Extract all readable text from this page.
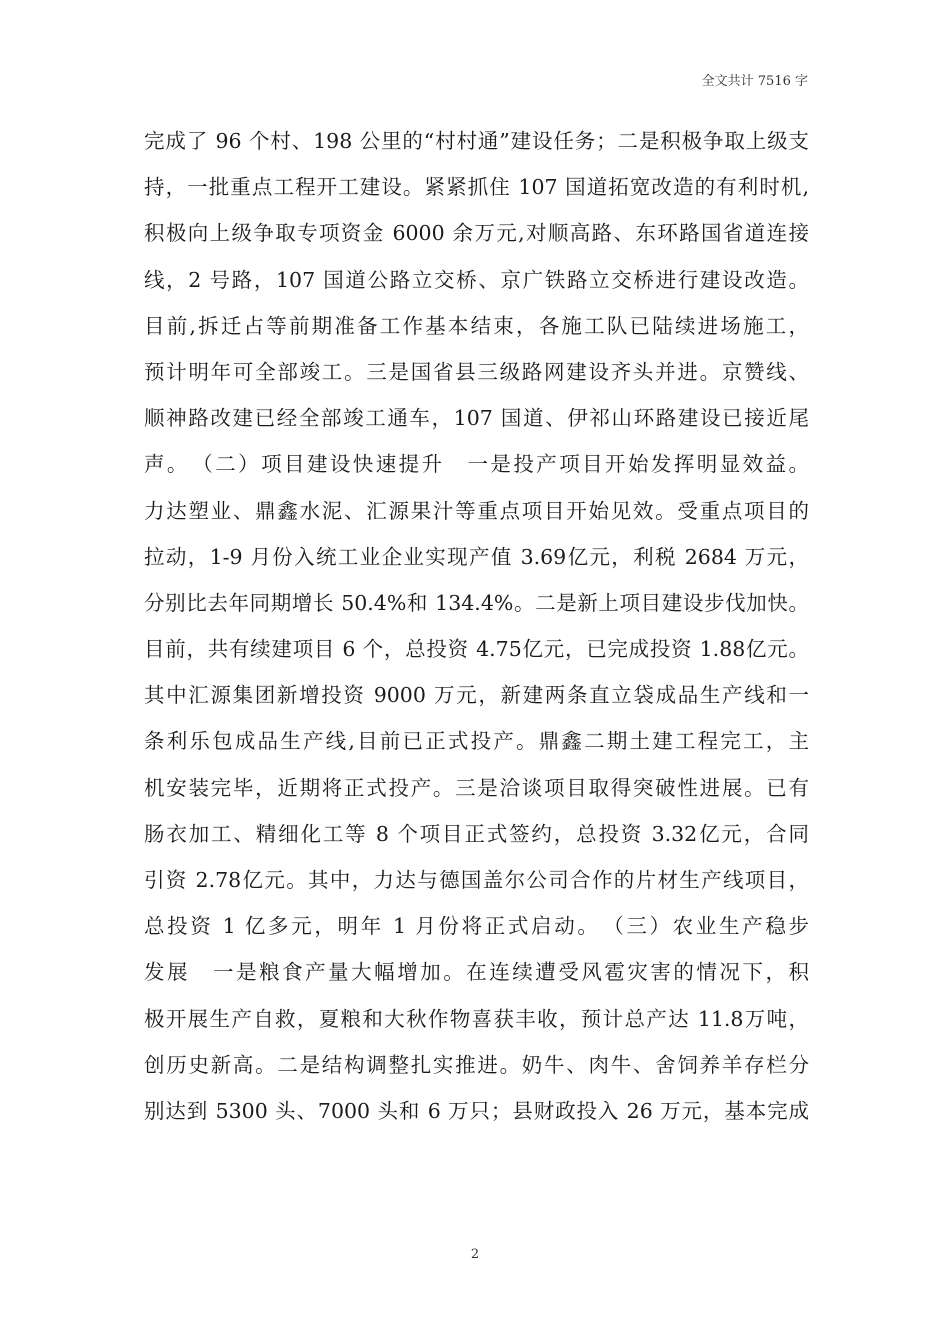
全文共计 7516 字
完成了 96 个村、198 公里的“村村通”建设任务；二是积极争取上级支
持，一批重点工程开工建设。紧紧抓住 107 国道拓宽改造的有利时机,
积极向上级争取专项资金 6000 余万元,对顺高路、东环路国省道连接
线，2 号路，107 国道公路立交桥、京广铁路立交桥进行建设改造。
目前,拆迁占等前期准备工作基本结束，各施工队已陆续进场施工，
预计明年可全部竣工。三是国省县三级路网建设齐头并进。京赞线、
顺神路改建已经全部竣工通车，107 国道、伊祁山环路建设已接近尾
声。　（二）项目建设快速提升　一是投产项目开始发挥明显效益。
力达塑业、鼎鑫水泥、汇源果汁等重点项目开始见效。受重点项目的
拉动，1-9 月份入统工业企业实现产值 3.69亿元，利税 2684 万元，
分别比去年同期增长 50.4%和 134.4%。二是新上项目建设步伐加快。
目前，共有续建项目 6 个，总投资 4.75亿元，已完成投资 1.88亿元。
其中汇源集团新增投资 9000 万元，新建两条直立袋成品生产线和一
条利乐包成品生产线,目前已正式投产。鼎鑫二期土建工程完工，主
机安装完毕，近期将正式投产。三是洽谈项目取得突破性进展。已有
肠衣加工、精细化工等 8 个项目正式签约，总投资 3.32亿元，合同
引资 2.78亿元。其中，力达与德国盖尔公司合作的片材生产线项目，
总投资 1 亿多元，明年 1 月份将正式启动。　（三）农业生产稳步
发展　一是粮食产量大幅增加。在连续遭受风雹灾害的情况下，积
极开展生产自救，夏粮和大秋作物喜获丰收，预计总产达 11.8万吨，
创历史新高。二是结构调整扎实推进。奶牛、肉牛、舍饲养羊存栏分
别达到 5300 头、7000 头和 6 万只；县财政投入 26 万元，基本完成
2
